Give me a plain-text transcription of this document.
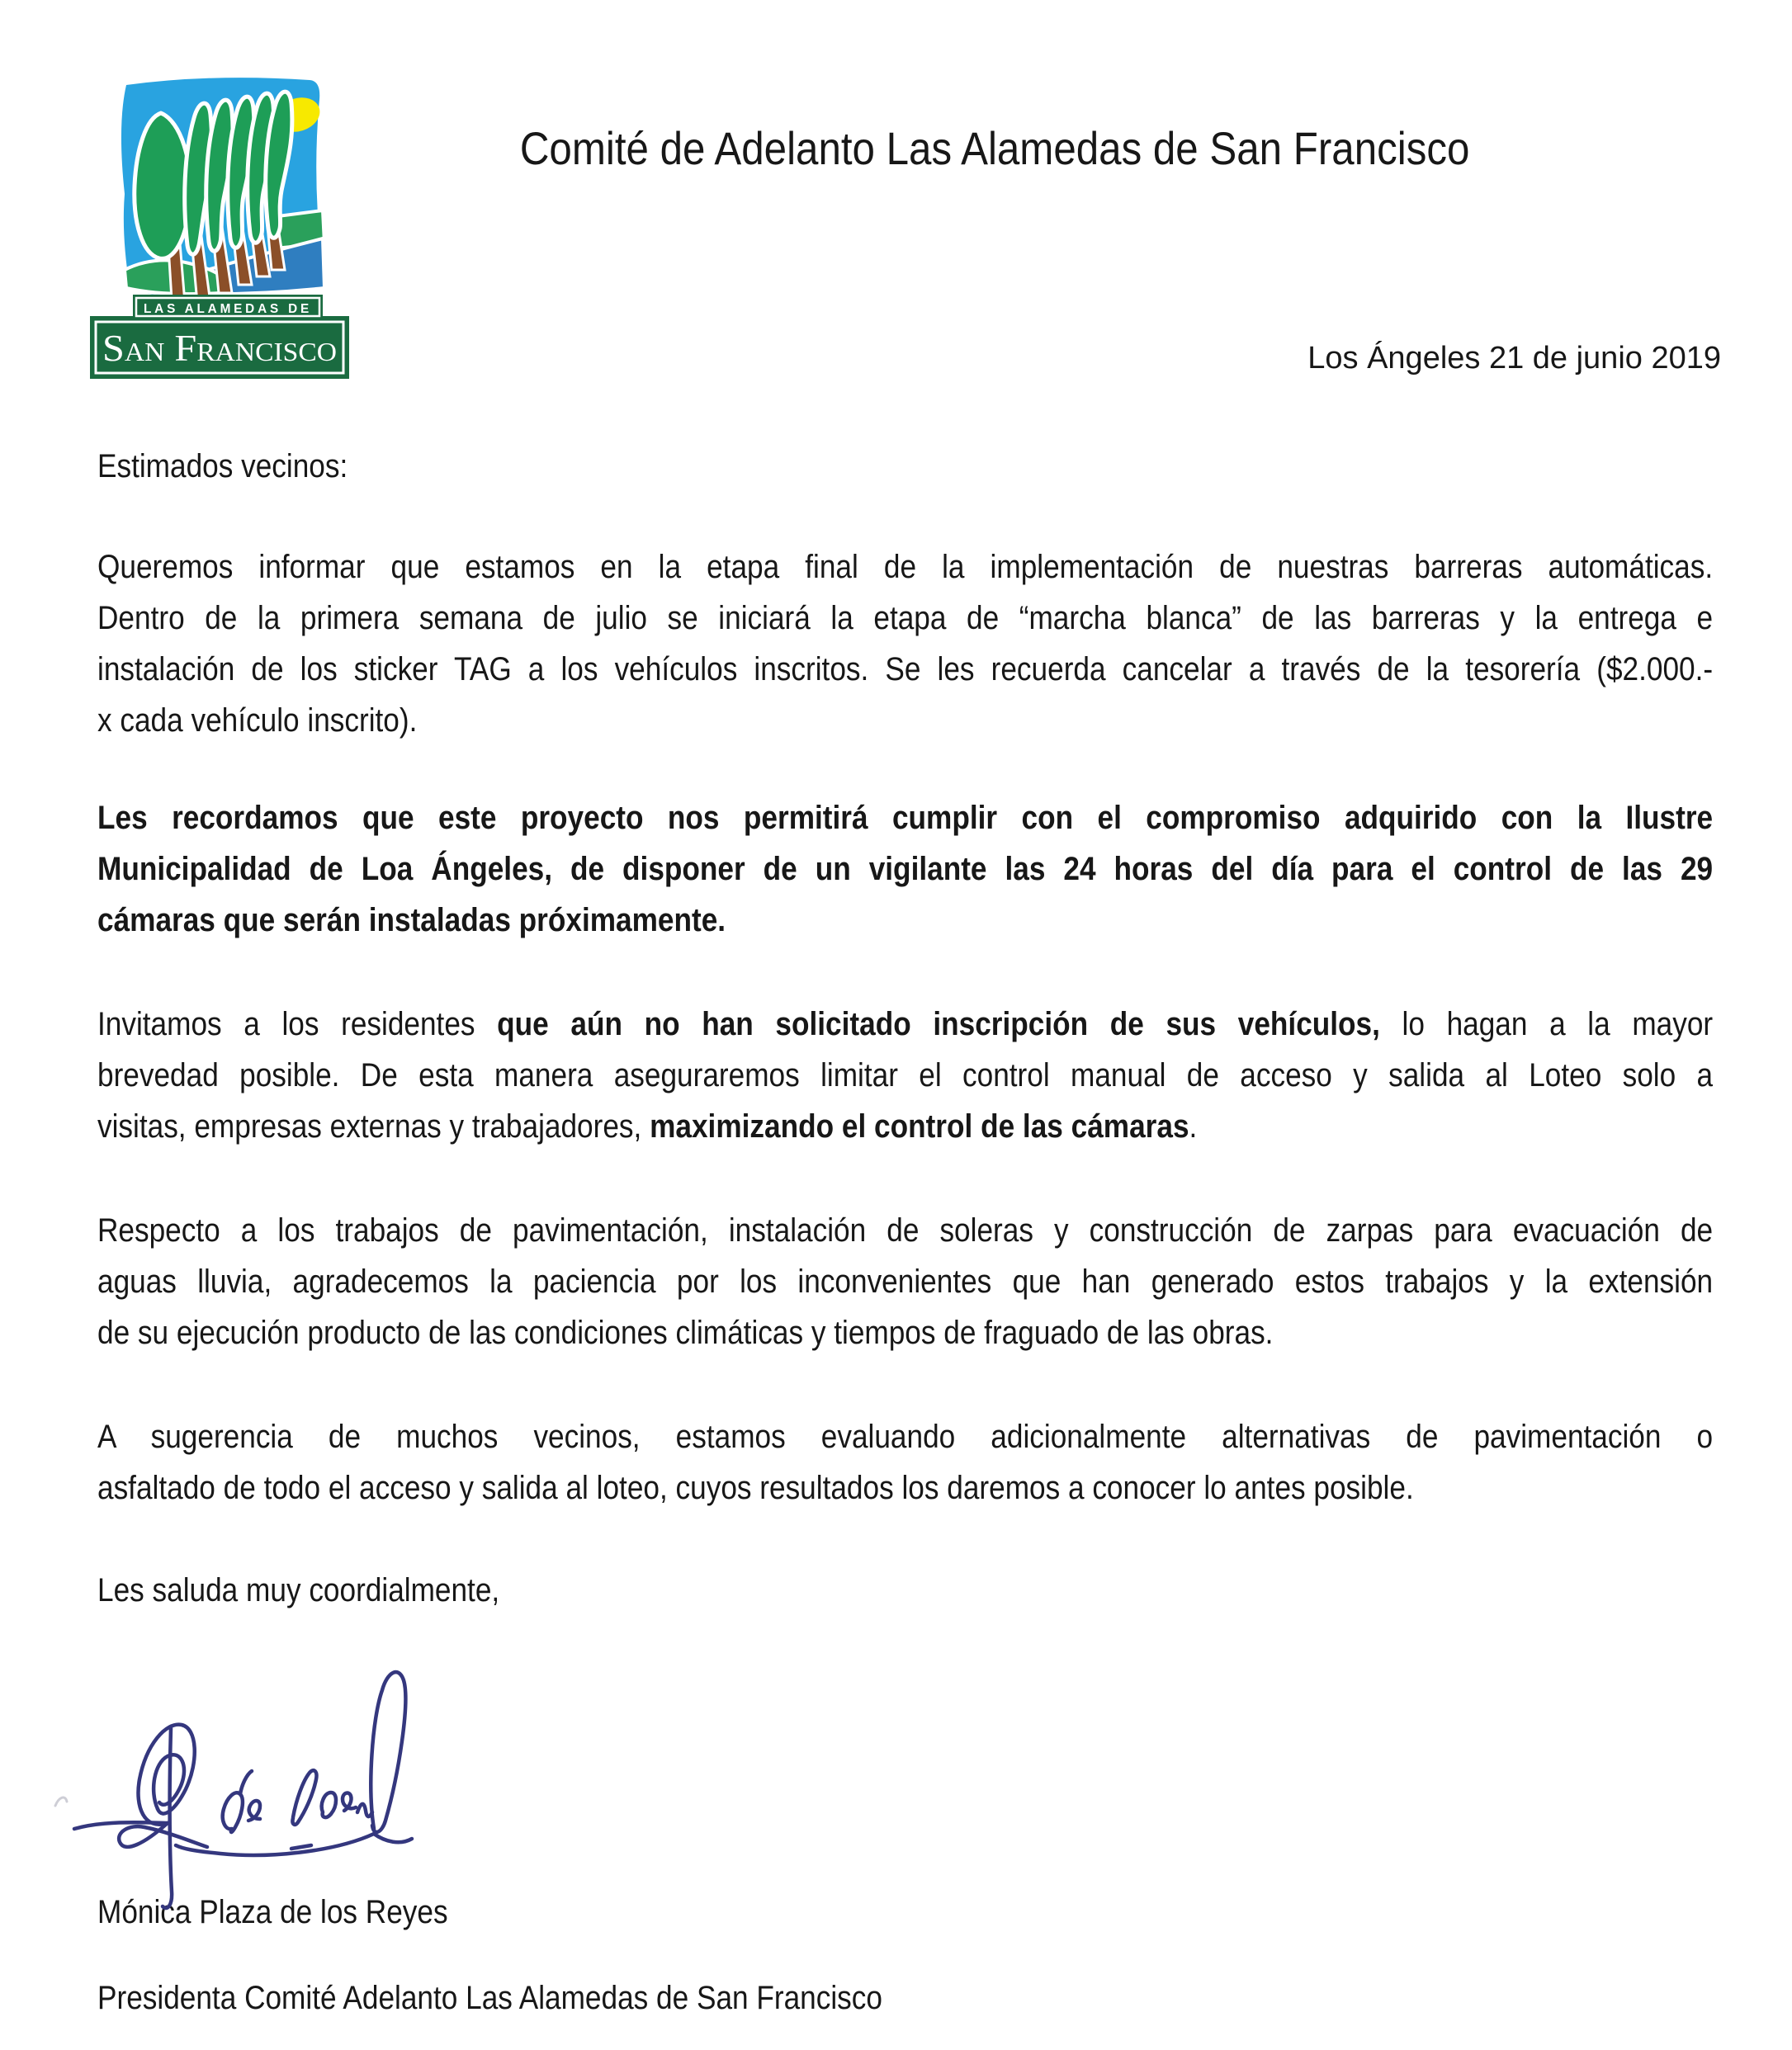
LAS ALAMEDAS DE
San Francisco
Comité de Adelanto Las Alamedas de San Francisco
Los Ángeles 21 de junio 2019
Estimados vecinos:
Queremos informar que estamos en la etapa final de la implementación de nuestras barreras automáticas.
Dentro de la primera semana de julio se iniciará la etapa de “marcha blanca” de las barreras y la entrega e
instalación de los sticker TAG a los vehículos inscritos. Se les recuerda cancelar a través de la tesorería ($2.000.-
x cada vehículo inscrito).
Les recordamos que este proyecto nos permitirá cumplir con el compromiso adquirido con la Ilustre
Municipalidad de Loa Ángeles, de disponer de un vigilante las 24 horas del día para el control de las 29
cámaras que serán instaladas próximamente.
Invitamos a los residentes que aún no han solicitado inscripción de sus vehículos, lo hagan a la mayor
brevedad posible. De esta manera aseguraremos limitar el control manual de acceso y salida al Loteo solo a
visitas, empresas externas y trabajadores, maximizando el control de las cámaras.
Respecto a los trabajos de pavimentación, instalación de soleras y construcción de zarpas para evacuación de
aguas lluvia, agradecemos la paciencia por los inconvenientes que han generado estos trabajos y la extensión
de su ejecución producto de las condiciones climáticas y tiempos de fraguado de las obras.
A sugerencia de muchos vecinos, estamos evaluando adicionalmente alternativas de pavimentación o
asfaltado de todo el acceso y salida al loteo, cuyos resultados los daremos a conocer lo antes posible.
Les saluda muy coordialmente,
Mónica Plaza de los Reyes
Presidenta Comité Adelanto Las Alamedas de San Francisco
